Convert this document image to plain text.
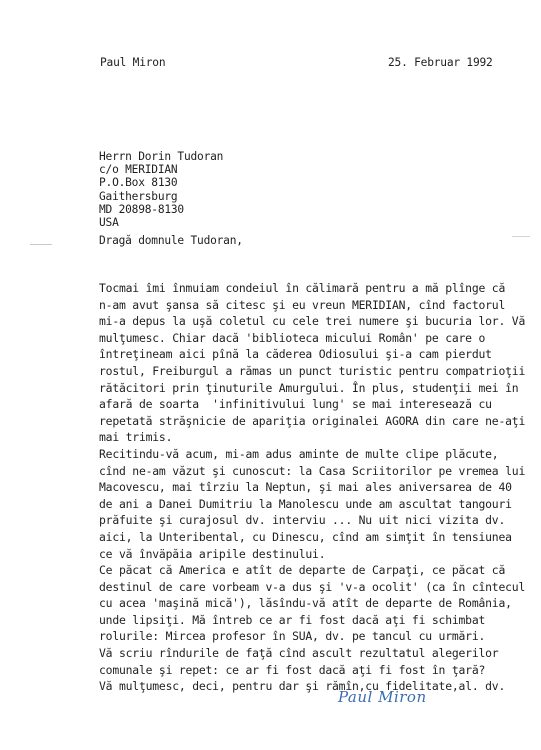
Paul Miron	25. Februar 1992
Herrn Dorin Tudoran
c/o MERIDIAN
P.O.Box 8130
Gaithersburg
MD 20898-8130
USA
Dragă domnule Tudoran,
Tocmai îmi înmuiam condeiul în călimară pentru a mă plînge că
n-am avut şansa să citesc şi eu vreun MERIDIAN, cînd factorul
mi-a depus la uşă coletul cu cele trei numere şi bucuria lor. Vă
mulţumesc. Chiar dacă 'biblioteca micului Român' pe care o
întreţineam aici pînă la căderea Odiosului şi-a cam pierdut
rostul, Freiburgul a rămas un punct turistic pentru compatrioţii
rătăcitori prin ţinuturile Amurgului. În plus, studenţii mei în
afară de soarta  'infinitivului lung' se mai interesează cu
repetată străşnicie de apariţia originalei AGORA din care ne-aţi
mai trimis.
Recitindu-vă acum, mi-am adus aminte de multe clipe plăcute,
cînd ne-am văzut şi cunoscut: la Casa Scriitorilor pe vremea lui
Macovescu, mai tîrziu la Neptun, şi mai ales aniversarea de 40
de ani a Danei Dumitriu la Manolescu unde am ascultat tangouri
prăfuite şi curajosul dv. interviu ... Nu uit nici vizita dv.
aici, la Unteribental, cu Dinescu, cînd am simţit în tensiunea
ce vă înväpăia aripile destinului.
Ce păcat că America e atît de departe de Carpaţi, ce păcat că
destinul de care vorbeam v-a dus şi 'v-a ocolit' (ca în cîntecul
cu acea 'maşină mică'), lăsîndu-vă atît de departe de România,
unde lipsiţi. Mă întreb ce ar fi fost dacă aţi fi schimbat
rolurile: Mircea profesor în SUA, dv. pe tancul cu urmări.
Vă scriu rîndurile de faţă cînd ascult rezultatul alegerilor
comunale şi repet: ce ar fi fost dacă aţi fi fost în ţară?
Vă mulţumesc, deci, pentru dar şi rămîn,cu fidelitate,al. dv.
Paul Miron
